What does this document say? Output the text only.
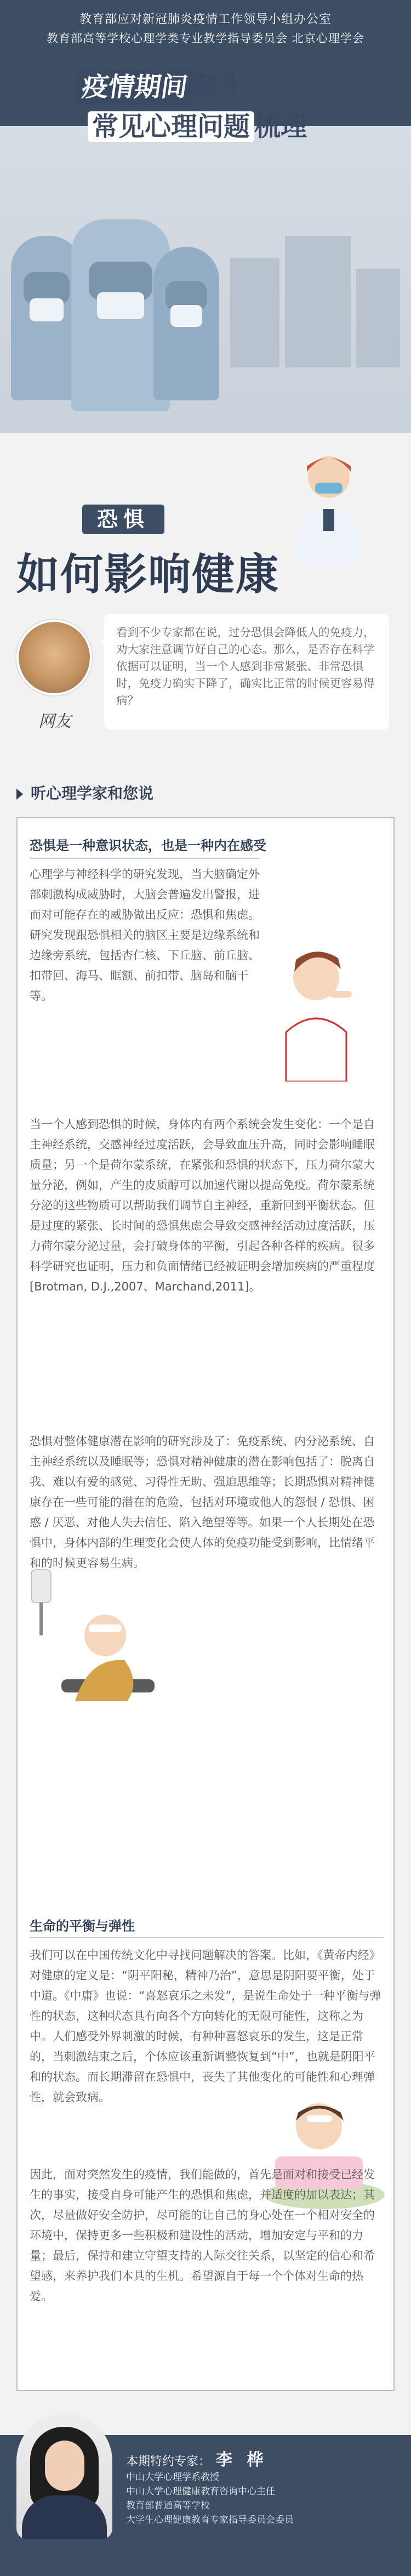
教育部应对新冠肺炎疫情工作领导小组办公室
教育部高等学校心理学类专业教学指导委员会 北京心理学会
疫情期间 师生
常见心理问题 梳理
恐惧
如何影响健康
网友
看到不少专家都在说，过分恐惧会降低人的免疫力，劝大家注意调节好自己的心态。那么，是否存在科学依据可以证明，当一个人感到非常紧张、非常恐惧时，免疫力确实下降了，确实比正常的时候更容易得病？
听心理学家和您说
恐惧是一种意识状态，也是一种内在感受
心理学与神经科学的研究发现，当大脑确定外部刺激构成威胁时，大脑会普遍发出警报，进而对可能存在的威胁做出反应：恐惧和焦虑。研究发现跟恐惧相关的脑区主要是边缘系统和边缘旁系统，包括杏仁核、下丘脑、前丘脑、扣带回、海马、眶额、前扣带、脑岛和脑干等。
当一个人感到恐惧的时候，身体内有两个系统会发生变化：一个是自主神经系统，交感神经过度活跃，会导致血压升高，同时会影响睡眠质量；另一个是荷尔蒙系统，在紧张和恐惧的状态下，压力荷尔蒙大量分泌，例如，产生的皮质醇可以加速代谢以提高免疫。荷尔蒙系统分泌的这些物质可以帮助我们调节自主神经，重新回到平衡状态。但是过度的紧张、长时间的恐惧焦虑会导致交感神经活动过度活跃，压力荷尔蒙分泌过量，会打破身体的平衡，引起各种各样的疾病。很多科学研究也证明，压力和负面情绪已经被证明会增加疾病的严重程度 [Brotman, D.J.,2007、Marchand,2011]。
恐惧对整体健康潜在影响的研究涉及了：免疫系统、内分泌系统、自主神经系统以及睡眠等；恐惧对精神健康的潜在影响包括了：脱离自我、难以有爱的感觉、习得性无助、强迫思维等；长期恐惧对精神健康存在一些可能的潜在的危险，包括对环境或他人的怨恨 / 恐惧、困惑 / 厌恶、对他人失去信任、陷入绝望等等。如果一个人长期处在恐惧中，身体内部的生理变化会使人体的免疫功能受到影响，比情绪平和的时候更容易生病。
生命的平衡与弹性
我们可以在中国传统文化中寻找问题解决的答案。比如，《黄帝内经》对健康的定义是：“阴平阳秘，精神乃治”，意思是阴阳要平衡，处于中道。《中庸》也说：“喜怒哀乐之未发”，是说生命处于一种平衡与弹性的状态，这种状态具有向各个方向转化的无限可能性，这称之为中。人们感受外界刺激的时候，有种种喜怒哀乐的发生，这是正常的，当刺激结束之后，个体应该重新调整恢复到“中”，也就是阴阳平和的状态。而长期滞留在恐惧中，丧失了其他变化的可能性和心理弹性，就会致病。
因此，面对突然发生的疫情，我们能做的，首先是面对和接受已经发生的事实，接受自身可能产生的恐惧和焦虑，并适度的加以表达；其次，尽量做好安全防护，尽可能的让自己的身心处在一个相对安全的环境中，保持更多一些积极和建设性的活动，增加安定与平和的力量；最后，保持和建立守望支持的人际交往关系，以坚定的信心和希望感，来养护我们本具的生机。希望源自于每一个个体对生命的热爱。
本期特约专家： 李 桦
中山大学心理学系教授
中山大学心理健康教育咨询中心主任
教育部普通高等学校
大学生心理健康教育专家指导委员会委员
